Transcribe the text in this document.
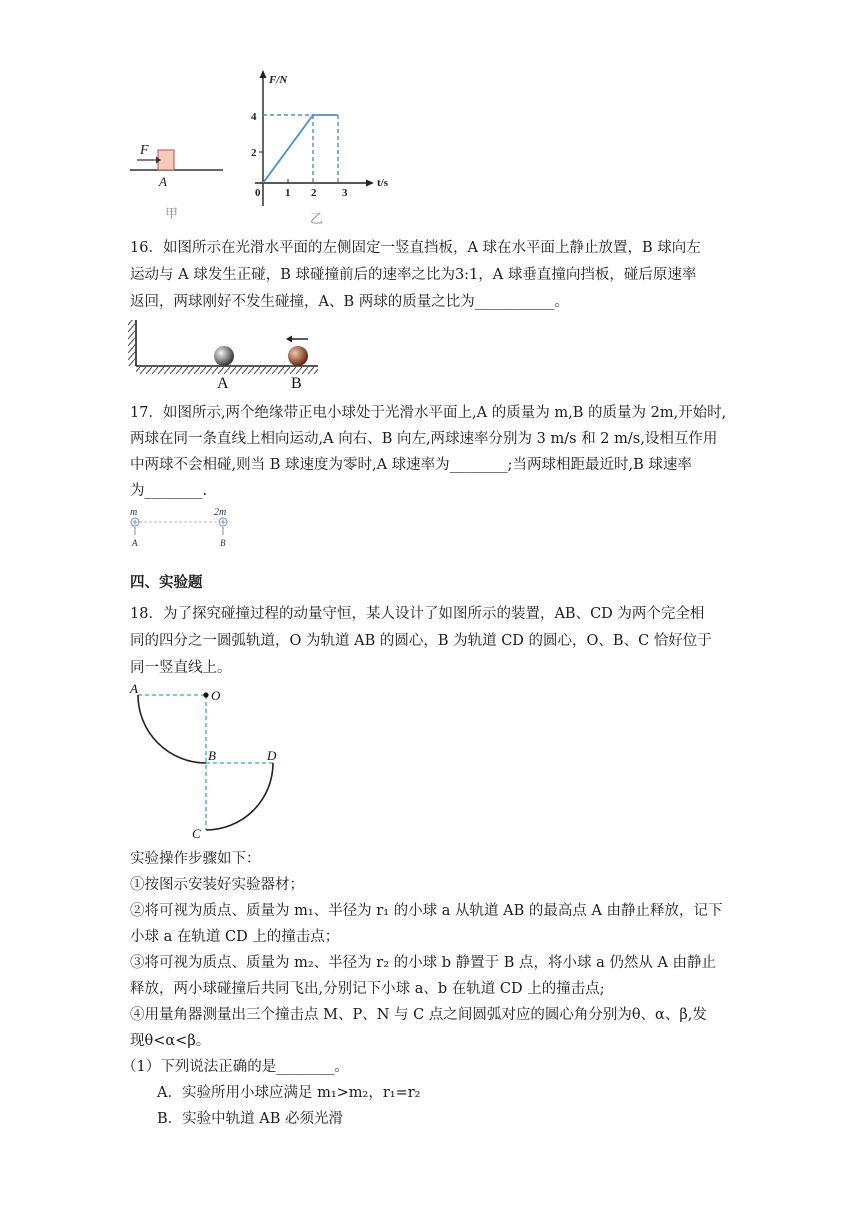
F
A
甲
F/N
t/s
4
2
0 1 2 3
乙
16．如图所示在光滑水平面的左侧固定一竖直挡板，A 球在水平面上静止放置，B 球向左
运动与 A 球发生正碰，B 球碰撞前后的速率之比为3:1，A 球垂直撞向挡板，碰后原速率
返回，两球刚好不发生碰撞，A、B 两球的质量之比为___________。
A	B
17．如图所示,两个绝缘带正电小球处于光滑水平面上,A 的质量为 m,B 的质量为 2m,开始时,
两球在同一条直线上相向运动,A 向右、B 向左,两球速率分别为 3 m/s 和 2 m/s,设相互作用
中两球不会相碰,则当 B 球速度为零时,A 球速率为________;当两球相距最近时,B 球速率
为________.
m	2m
A	B
四、实验题
18．为了探究碰撞过程的动量守恒，某人设计了如图所示的装置，AB、CD 为两个完全相
同的四分之一圆弧轨道，O 为轨道 AB 的圆心，B 为轨道 CD 的圆心，O、B、C 恰好位于
同一竖直线上。
A	O
B	D
C
实验操作步骤如下：
①按图示安装好实验器材；
②将可视为质点、质量为 m₁、半径为 r₁ 的小球 a 从轨道 AB 的最高点 A 由静止释放，记下
小球 a 在轨道 CD 上的撞击点；
③将可视为质点、质量为 m₂、半径为 r₂ 的小球 b 静置于 B 点，将小球 a 仍然从 A 由静止
释放，两小球碰撞后共同飞出,分别记下小球 a、b 在轨道 CD 上的撞击点;
④用量角器测量出三个撞击点 M、P、N 与 C 点之间圆弧对应的圆心角分别为θ、α、β,发
现θ<α<β。
（1）下列说法正确的是________。
A．实验所用小球应满足 m₁>m₂，r₁=r₂
B．实验中轨道 AB 必须光滑
